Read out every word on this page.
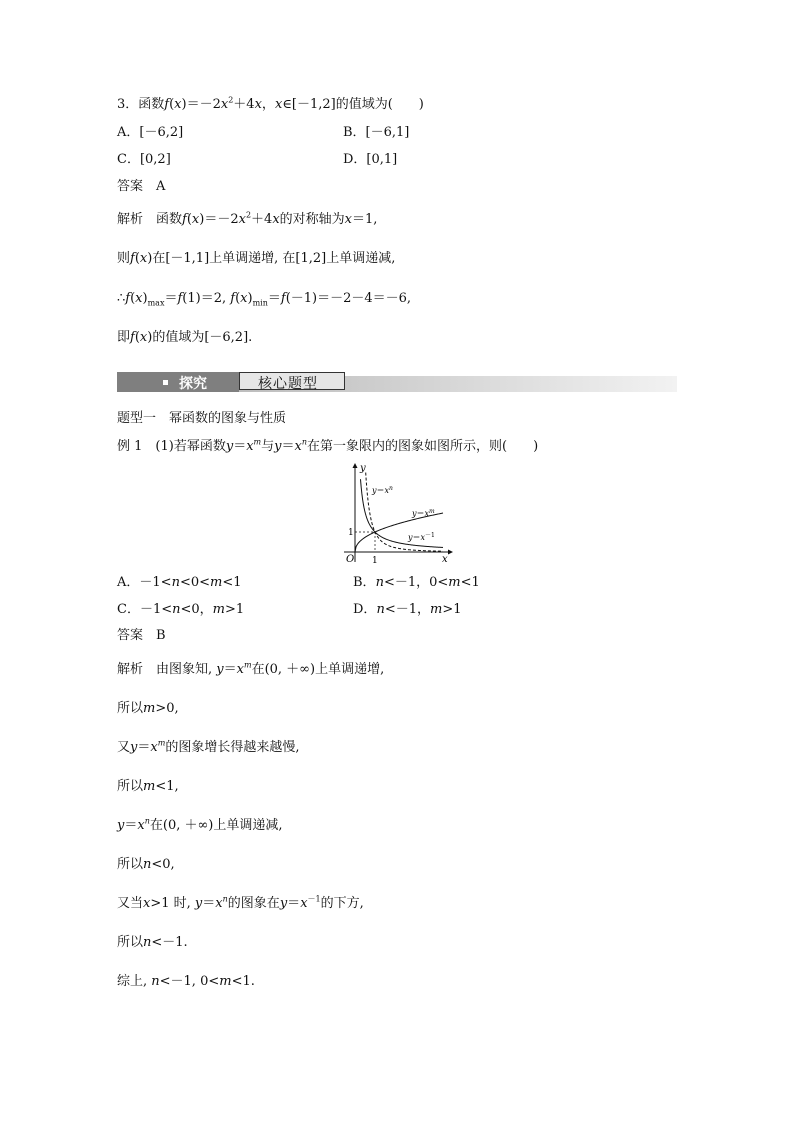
3．函数$f(x)=-2x^2+4x$，x∈[－1,2]的值域为(　　)
A．[－6,2]	B．[－6,1]
C．[0,2]	D．[0,1]
答案　A
解析　函数$f(x)=-2x^2+4x$的对称轴为x＝1,
则f(x)在[－1,1]上单调递增, 在[1,2]上单调递减,
$\therefore f(x)_{max}=f(1)=2$, $f(x)_{min}=f(-1)=-2-4=-6$,
即f(x)的值域为[－6,2].
探究	核心题型
题型一　幂函数的图象与性质
例 1　(1)若幂函数$y=x^m$与$y=x^n$在第一象限内的图象如图所示，则(　　)
y
x
O 1
1
$y=x^n$
$y=x^m$
$y=x^{-1}$
A．－1<n<0<m<1	B．n<－1，0<m<1
C．－1<n<0，m>1	D．n<－1，m>1
答案　B
解析　由图象知, $y=x^m$在(0, ＋∞)上单调递增,
所以m>0,
又$y=x^m$的图象增长得越来越慢,
所以m<1,
$y=x^n$在(0, ＋∞)上单调递减,
所以n<0,
又当x>1 时, $y=x^n$的图象在$y=x^{-1}$的下方,
所以n<－1.
综上, n<－1, 0<m<1.
